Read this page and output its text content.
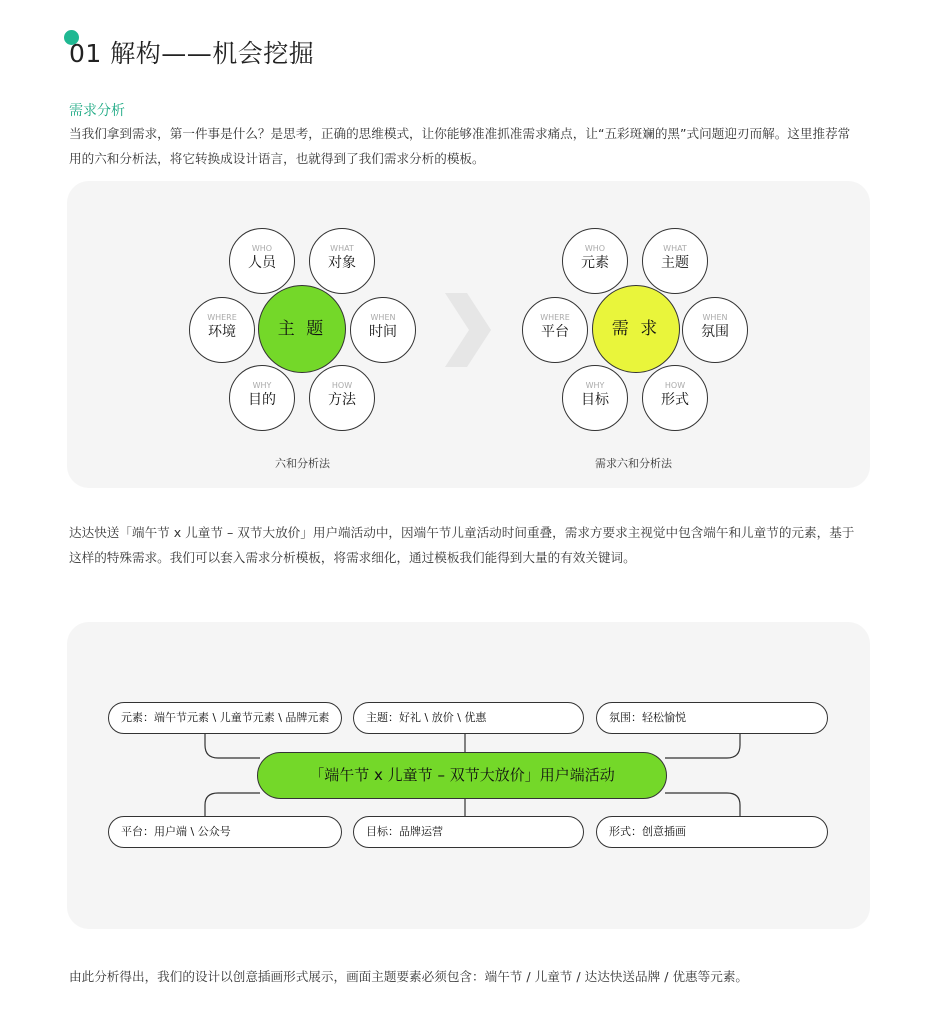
01 解构——机会挖掘
需求分析
当我们拿到需求，第一件事是什么？是思考，正确的思维模式，让你能够准准抓准需求痛点，让“五彩斑斓的黑”式问题迎刃而解。这里推荐常
用的六和分析法，将它转换成设计语言，也就得到了我们需求分析的模板。
WHO
人员
WHAT
对象
WHEN
时间
HOW
方法
WHY
目的
WHERE
环境	主 题
六和分析法
WHO
元素
WHAT
主题
WHEN
氛围
HOW
形式
WHY
目标
WHERE
平台	需 求
需求六和分析法
达达快送「端午节 x 儿童节 – 双节大放价」用户端活动中，因端午节儿童活动时间重叠，需求方要求主视觉中包含端午和儿童节的元素，基于
这样的特殊需求。我们可以套入需求分析模板，将需求细化，通过模板我们能得到大量的有效关键词。
元素：端午节元素 \ 儿童节元素 \ 品牌元素	主题：好礼 \ 放价 \ 优惠	氛围：轻松愉悦
「端午节 x 儿童节 – 双节大放价」用户端活动
平台：用户端 \ 公众号	目标：品牌运营	形式：创意插画
由此分析得出，我们的设计以创意插画形式展示，画面主题要素必须包含：端午节 / 儿童节 / 达达快送品牌 / 优惠等元素。
